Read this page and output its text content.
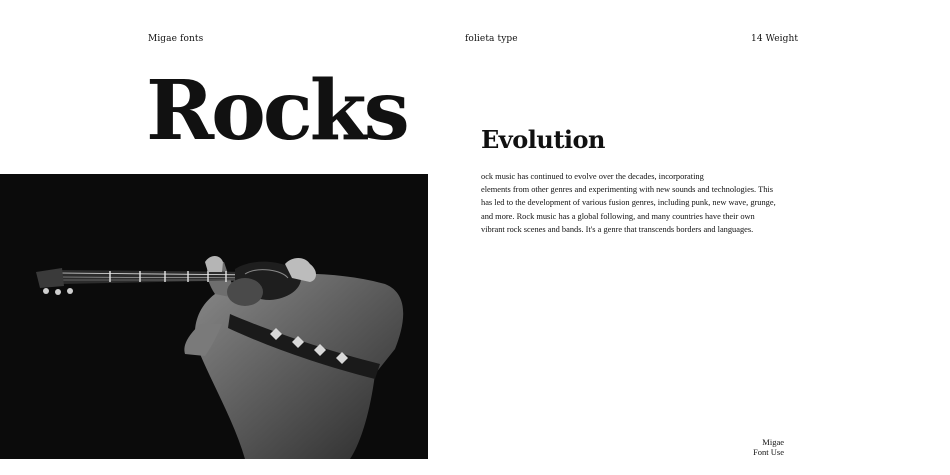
Migae fonts	folieta type	14 Weight
Rocks	Evolution
ock music has continued to evolve over the decades, incorporating
elements from other genres and experimenting with new sounds and technologies. This
has led to the development of various fusion genres, including punk, new wave, grunge,
and more. Rock music has a global following, and many countries have their own
vibrant rock scenes and bands. It's a genre that transcends borders and languages.
Migae
Font Use
